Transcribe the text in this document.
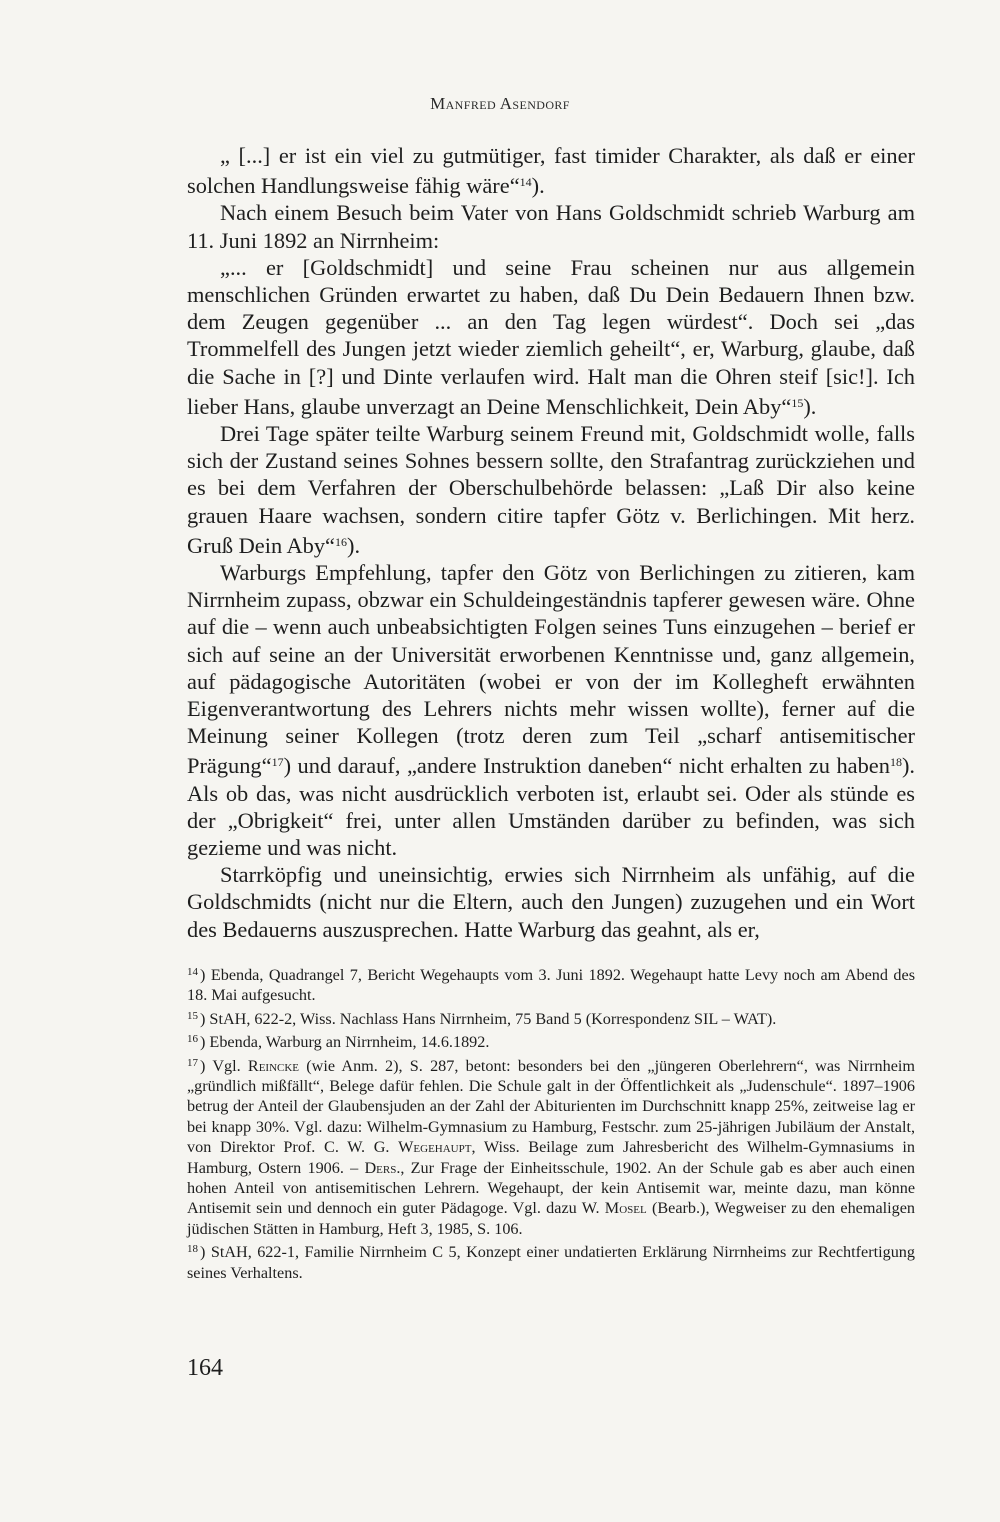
Manfred Asendorf

„ [...] er ist ein viel zu gutmütiger, fast timider Charakter, als daß er einer solchen Handlungsweise fähig wäre“$^{14}$).

Nach einem Besuch beim Vater von Hans Goldschmidt schrieb Warburg am 11. Juni 1892 an Nirrnheim:

„... er [Goldschmidt] und seine Frau scheinen nur aus allgemein menschlichen Gründen erwartet zu haben, daß Du Dein Bedauern Ihnen bzw. dem Zeugen gegenüber ... an den Tag legen würdest“. Doch sei „das Trommelfell des Jungen jetzt wieder ziemlich geheilt“, er, Warburg, glaube, daß die Sache in [?] und Dinte verlaufen wird. Halt man die Ohren steif [sic!]. Ich lieber Hans, glaube unverzagt an Deine Menschlichkeit, Dein Aby“$^{15}$).

Drei Tage später teilte Warburg seinem Freund mit, Goldschmidt wolle, falls sich der Zustand seines Sohnes bessern sollte, den Strafantrag zurückziehen und es bei dem Verfahren der Oberschulbehörde belassen: „Laß Dir also keine grauen Haare wachsen, sondern citire tapfer Götz v. Berlichingen. Mit herz. Gruß Dein Aby“$^{16}$).

Warburgs Empfehlung, tapfer den Götz von Berlichingen zu zitieren, kam Nirrnheim zupass, obzwar ein Schuldeingeständnis tapferer gewesen wäre. Ohne auf die – wenn auch unbeabsichtigten Folgen seines Tuns einzugehen – berief er sich auf seine an der Universität erworbenen Kenntnisse und, ganz allgemein, auf pädagogische Autoritäten (wobei er von der im Kollegheft erwähnten Eigenverantwortung des Lehrers nichts mehr wissen wollte), ferner auf die Meinung seiner Kollegen (trotz deren zum Teil „scharf antisemitischer Prägung“$^{17}$) und darauf, „andere Instruktion daneben“ nicht erhalten zu haben$^{18}$). Als ob das, was nicht ausdrücklich verboten ist, erlaubt sei. Oder als stünde es der „Obrigkeit“ frei, unter allen Umständen darüber zu befinden, was sich gezieme und was nicht.

Starrköpfig und uneinsichtig, erwies sich Nirrnheim als unfähig, auf die Goldschmidts (nicht nur die Eltern, auch den Jungen) zuzugehen und ein Wort des Bedauerns auszusprechen. Hatte Warburg das geahnt, als er,

$^{14}$ ) Ebenda, Quadrangel 7, Bericht Wegehaupts vom 3. Juni 1892. Wegehaupt hatte Levy noch am Abend des 18. Mai aufgesucht.

$^{15}$ ) StAH, 622-2, Wiss. Nachlass Hans Nirrnheim, 75 Band 5 (Korrespondenz SIL – WAT).

$^{16}$ ) Ebenda, Warburg an Nirrnheim, 14.6.1892.

$^{17}$ ) Vgl. Reincke (wie Anm. 2), S. 287, betont: besonders bei den „jüngeren Oberlehrern“, was Nirrnheim „gründlich mißfällt“, Belege dafür fehlen. Die Schule galt in der Öffentlichkeit als „Judenschule“. 1897–1906 betrug der Anteil der Glaubensjuden an der Zahl der Abiturienten im Durchschnitt knapp 25%, zeitweise lag er bei knapp 30%. Vgl. dazu: Wilhelm-Gymnasium zu Hamburg, Festschr. zum 25-jährigen Jubiläum der Anstalt, von Direktor Prof. C. W. G. Wegehaupt, Wiss. Beilage zum Jahresbericht des Wilhelm-Gymnasiums in Hamburg, Ostern 1906. – Ders., Zur Frage der Einheitsschule, 1902. An der Schule gab es aber auch einen hohen Anteil von antisemitischen Lehrern. Wegehaupt, der kein Antisemit war, meinte dazu, man könne Antisemit sein und dennoch ein guter Pädagoge. Vgl. dazu W. Mosel (Bearb.), Wegweiser zu den ehemaligen jüdischen Stätten in Hamburg, Heft 3, 1985, S. 106.

$^{18}$ ) StAH, 622-1, Familie Nirrnheim C 5, Konzept einer undatierten Erklärung Nirrnheims zur Rechtfertigung seines Verhaltens.

164
